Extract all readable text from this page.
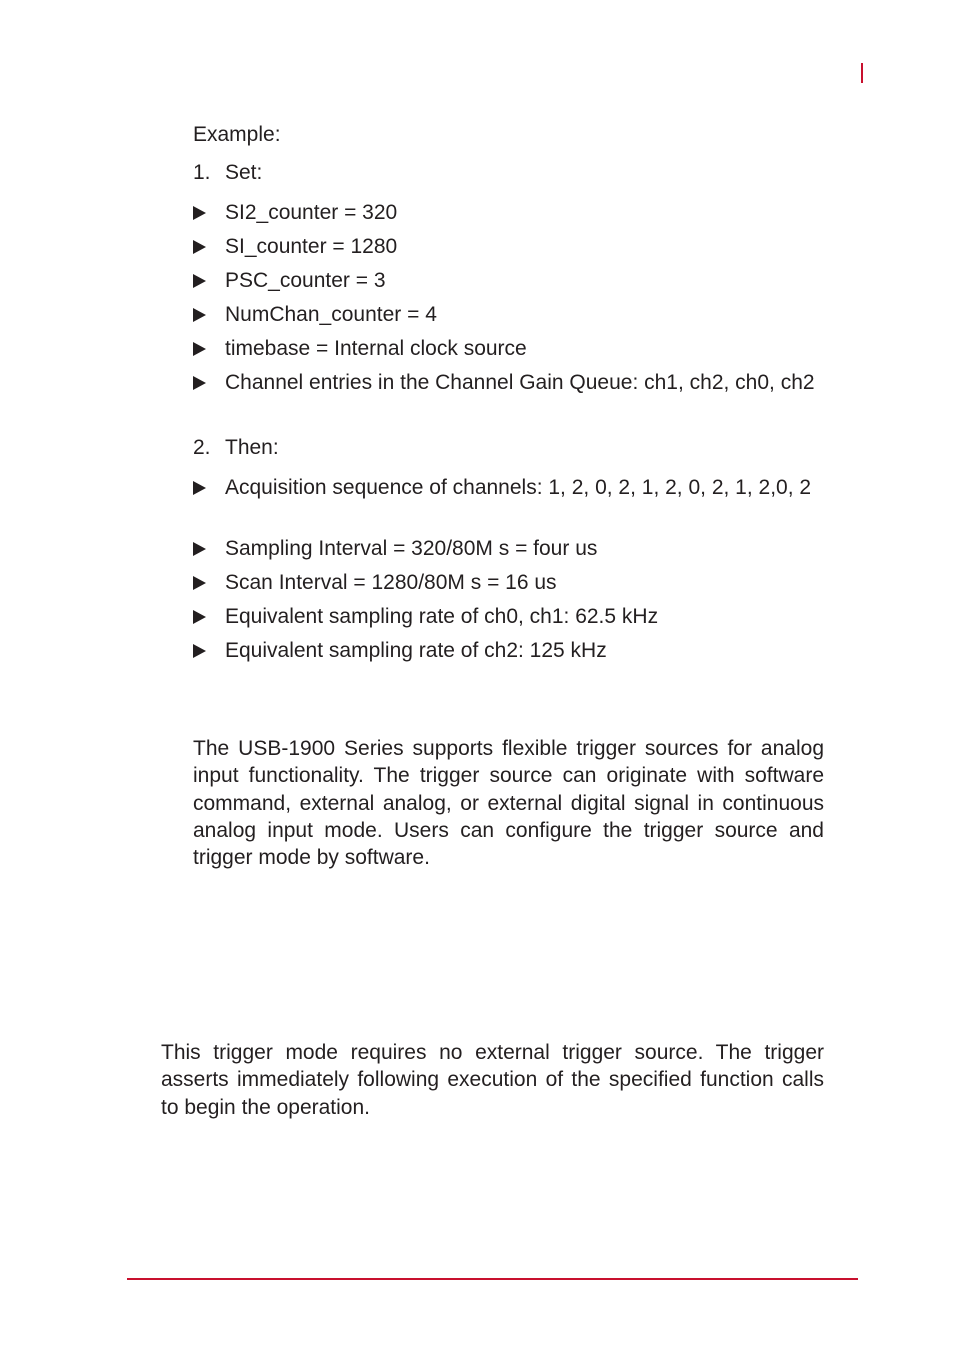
Example:
1. Set:
SI2_counter = 320
SI_counter = 1280
PSC_counter = 3
NumChan_counter = 4
timebase = Internal clock source
Channel entries in the Channel Gain Queue: ch1, ch2, ch0, ch2
2. Then:
Acquisition sequence of channels: 1, 2, 0, 2, 1, 2, 0, 2, 1, 2,0, 2
Sampling Interval = 320/80M s = four us
Scan Interval = 1280/80M s = 16 us
Equivalent sampling rate of ch0, ch1: 62.5 kHz
Equivalent sampling rate of ch2: 125 kHz

The USB-1900 Series supports flexible trigger sources for analog input functionality. The trigger source can originate with software command, external analog, or external digital signal in continuous analog input mode. Users can configure the trigger source and trigger mode by software.

This trigger mode requires no external trigger source. The trigger asserts immediately following execution of the specified function calls to begin the operation.
